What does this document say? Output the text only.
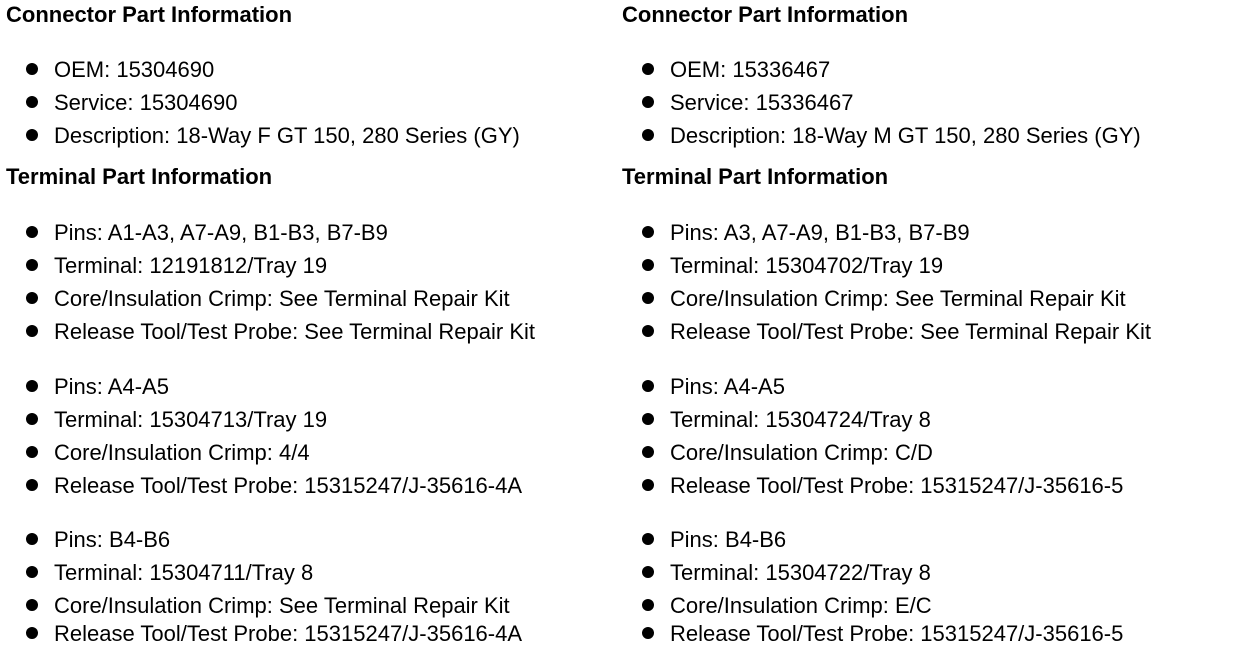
Connector Part Information
OEM: 15304690
Service: 15304690
Description: 18-Way F GT 150, 280 Series (GY)
Terminal Part Information
Pins: A1-A3, A7-A9, B1-B3, B7-B9
Terminal: 12191812/Tray 19
Core/Insulation Crimp: See Terminal Repair Kit
Release Tool/Test Probe: See Terminal Repair Kit
Pins: A4-A5
Terminal: 15304713/Tray 19
Core/Insulation Crimp: 4/4
Release Tool/Test Probe: 15315247/J-35616-4A
Pins: B4-B6
Terminal: 15304711/Tray 8
Core/Insulation Crimp: See Terminal Repair Kit
Release Tool/Test Probe: 15315247/J-35616-4A
Connector Part Information
OEM: 15336467
Service: 15336467
Description: 18-Way M GT 150, 280 Series (GY)
Terminal Part Information
Pins: A3, A7-A9, B1-B3, B7-B9
Terminal: 15304702/Tray 19
Core/Insulation Crimp: See Terminal Repair Kit
Release Tool/Test Probe: See Terminal Repair Kit
Pins: A4-A5
Terminal: 15304724/Tray 8
Core/Insulation Crimp: C/D
Release Tool/Test Probe: 15315247/J-35616-5
Pins: B4-B6
Terminal: 15304722/Tray 8
Core/Insulation Crimp: E/C
Release Tool/Test Probe: 15315247/J-35616-5
